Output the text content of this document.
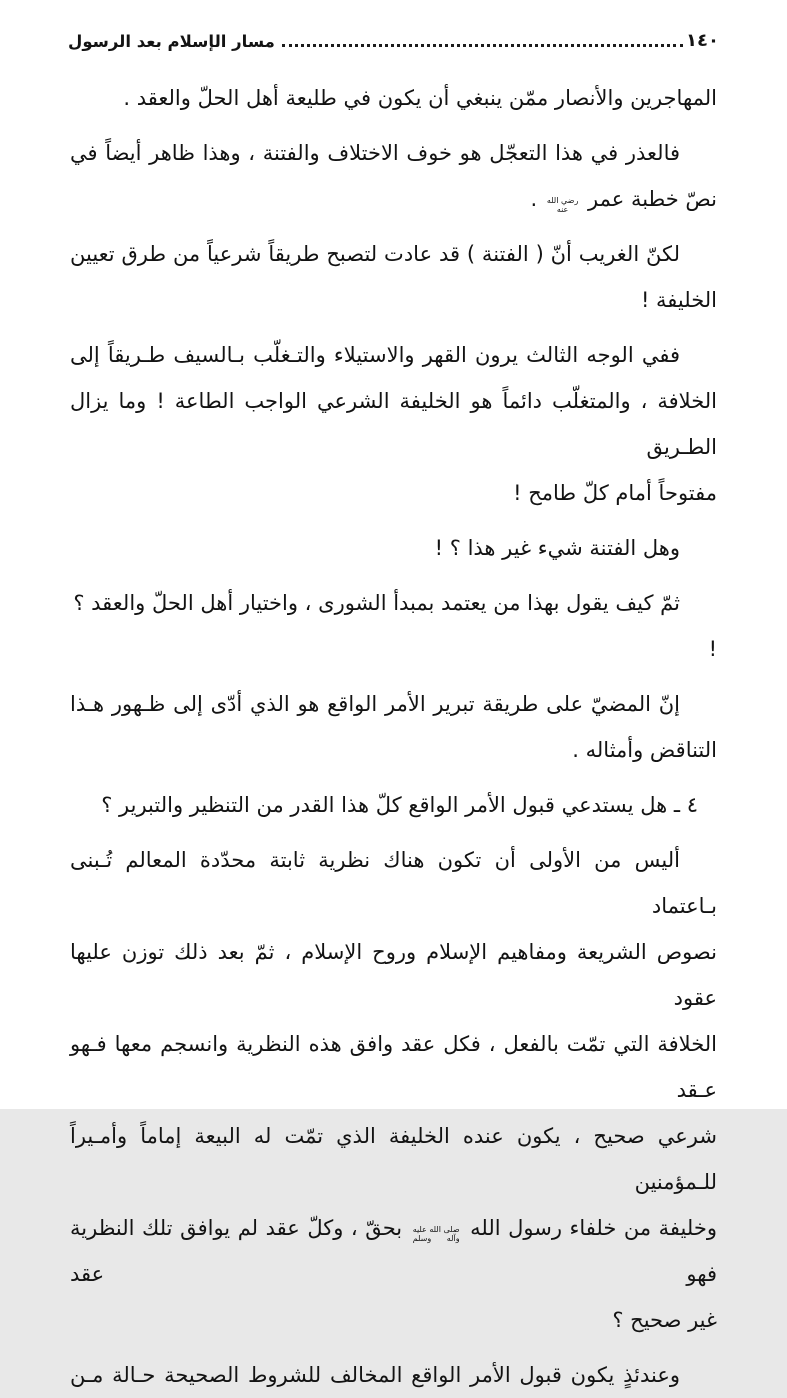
مسار الإسلام بعد الرسول	١٤٠
المهاجرين والأنصار ممّن ينبغي أن يكون في طليعة أهل الحلّ والعقد .
فالعذر في هذا التعجّل هو خوف الاختلاف والفتنة ، وهذا ظاهر أيضاً في
نصّ خطبة عمر
رضي الله
عنه
.
لكنّ الغريب أنّ ( الفتنة ) قد عادت لتصبح طريقاً شرعياً من طرق تعيين
الخليفة !
ففي الوجه الثالث يرون القهر والاستيلاء والتـغلّب بـالسيف طـريقاً إلى
الخلافة ، والمتغلّب دائماً هو الخليفة الشرعي الواجب الطاعة ! وما يزال الطـريق
مفتوحاً أمام كلّ طامح !
وهل الفتنة شيء غير هذا ؟ !
ثمّ كيف يقول بهذا من يعتمد بمبدأ الشورى ، واختيار أهل الحلّ والعقد ؟ !
إنّ المضيّ على طريقة تبرير الأمر الواقع هو الذي أدّى إلى ظـهور هـذا
التناقض وأمثاله .
٤ ـ هل يستدعي قبول الأمر الواقع كلّ هذا القدر من التنظير والتبرير ؟
أليس من الأولى أن تكون هناك نظرية ثابتة محدّدة المعالم تُـبنى بـاعتماد
نصوص الشريعة ومفاهيم الإسلام وروح الإسلام ، ثمّ بعد ذلك توزن عليها عقود
الخلافة التي تمّت بالفعل ، فكل عقد وافق هذه النظرية وانسجم معها فـهو عـقد
شرعي صحيح ، يكون عنده الخليفة الذي تمّت له البيعة إماماً وأمـيراً للـمؤمنين
وخليفة من خلفاء رسول الله
صلى الله عليه
وآله وسلم
بحقّ ، وكلّ عقد لم يوافق تلك النظرية فهو عقد
غير صحيح ؟
وعندئذٍ يكون قبول الأمر الواقع المخالف للشروط الصحيحة حـالة مـن
